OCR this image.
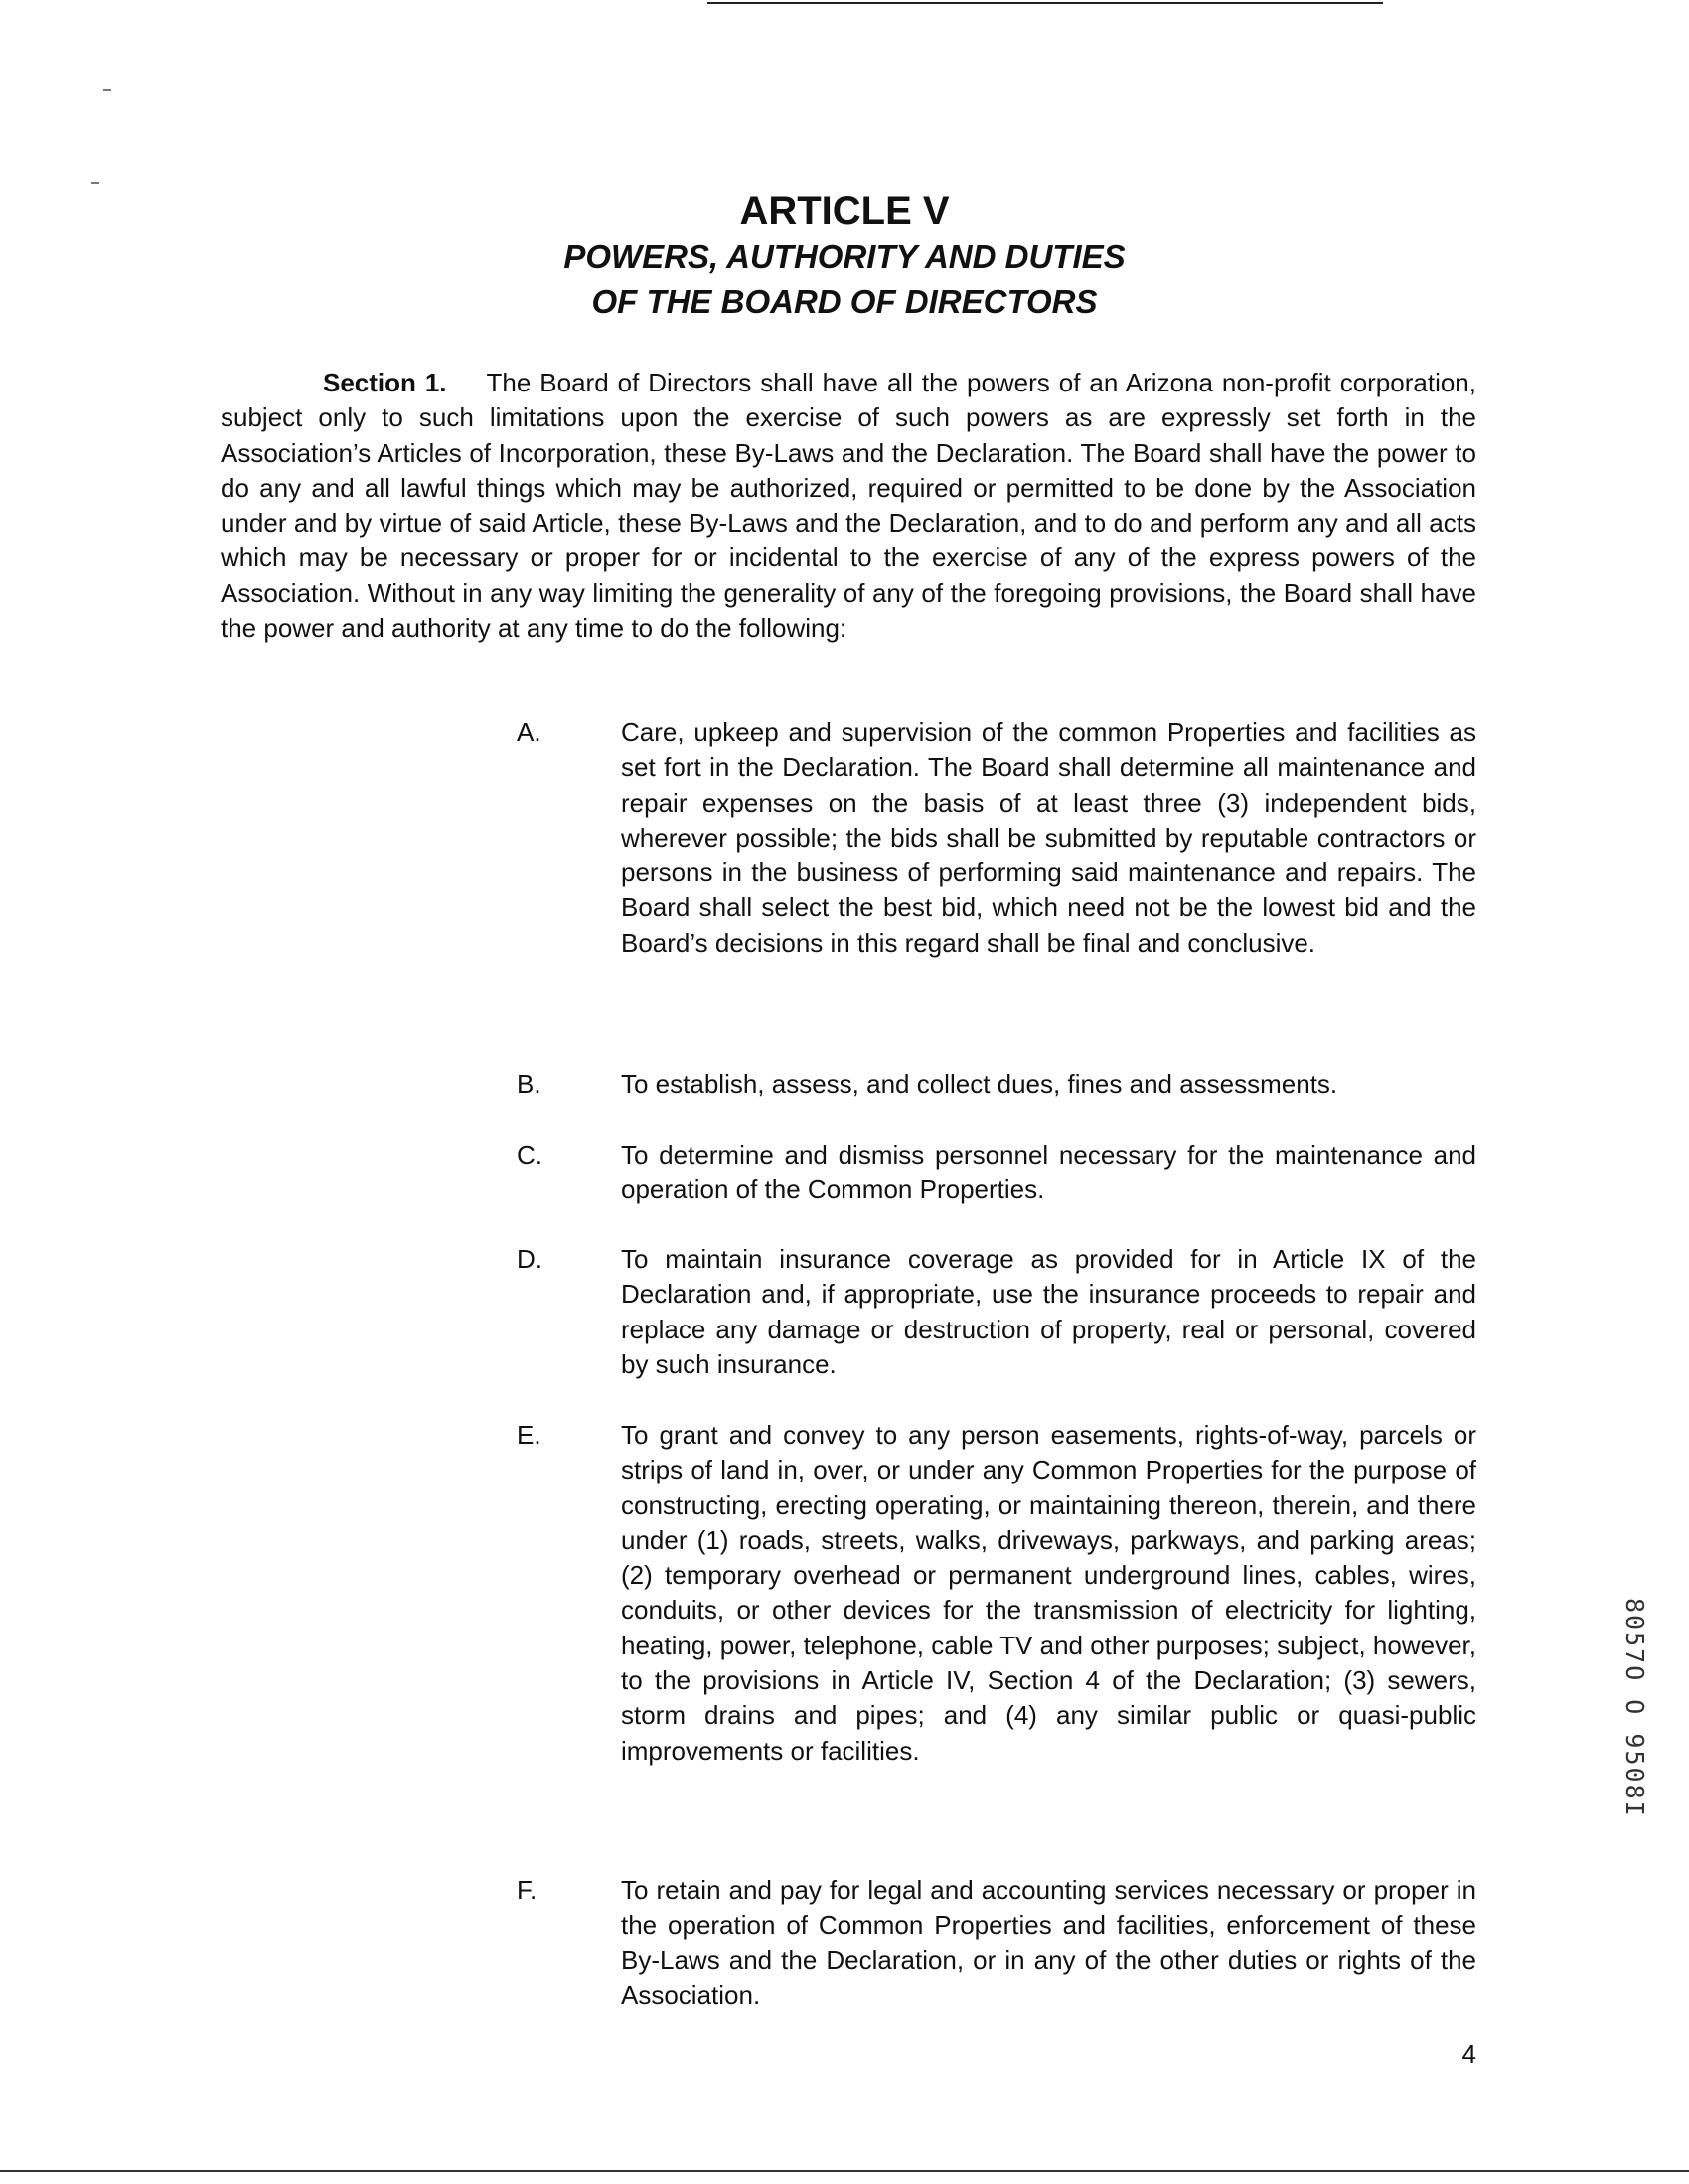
ARTICLE V
POWERS, AUTHORITY AND DUTIES
OF THE BOARD OF DIRECTORS
Section 1. The Board of Directors shall have all the powers of an Arizona non-profit corporation, subject only to such limitations upon the exercise of such powers as are expressly set forth in the Association’s Articles of Incorporation, these By-Laws and the Declaration. The Board shall have the power to do any and all lawful things which may be authorized, required or permitted to be done by the Association under and by virtue of said Article, these By-Laws and the Declaration, and to do and perform any and all acts which may be necessary or proper for or incidental to the exercise of any of the express powers of the Association. Without in any way limiting the generality of any of the foregoing provisions, the Board shall have the power and authority at any time to do the following:
A.	Care, upkeep and supervision of the common Properties and facilities as set fort in the Declaration. The Board shall determine all maintenance and repair expenses on the basis of at least three (3) independent bids, wherever possible; the bids shall be submitted by reputable contractors or persons in the business of performing said maintenance and repairs. The Board shall select the best bid, which need not be the lowest bid and the Board’s decisions in this regard shall be final and conclusive.
B.	To establish, assess, and collect dues, fines and assessments.
C.	To determine and dismiss personnel necessary for the maintenance and operation of the Common Properties.
D.	To maintain insurance coverage as provided for in Article IX of the Declaration and, if appropriate, use the insurance proceeds to repair and replace any damage or destruction of property, real or personal, covered by such insurance.
E.	To grant and convey to any person easements, rights-of-way, parcels or strips of land in, over, or under any Common Properties for the purpose of constructing, erecting operating, or maintaining thereon, therein, and there under (1) roads, streets, walks, driveways, parkways, and parking areas; (2) temporary overhead or permanent underground lines, cables, wires, conduits, or other devices for the transmission of electricity for lighting, heating, power, telephone, cable TV and other purposes; subject, however, to the provisions in Article IV, Section 4 of the Declaration; (3) sewers, storm drains and pipes; and (4) any similar public or quasi-public improvements or facilities.
F.	To retain and pay for legal and accounting services necessary or proper in the operation of Common Properties and facilities, enforcement of these By-Laws and the Declaration, or in any of the other duties or rights of the Association.
8057O O 9508I
4
